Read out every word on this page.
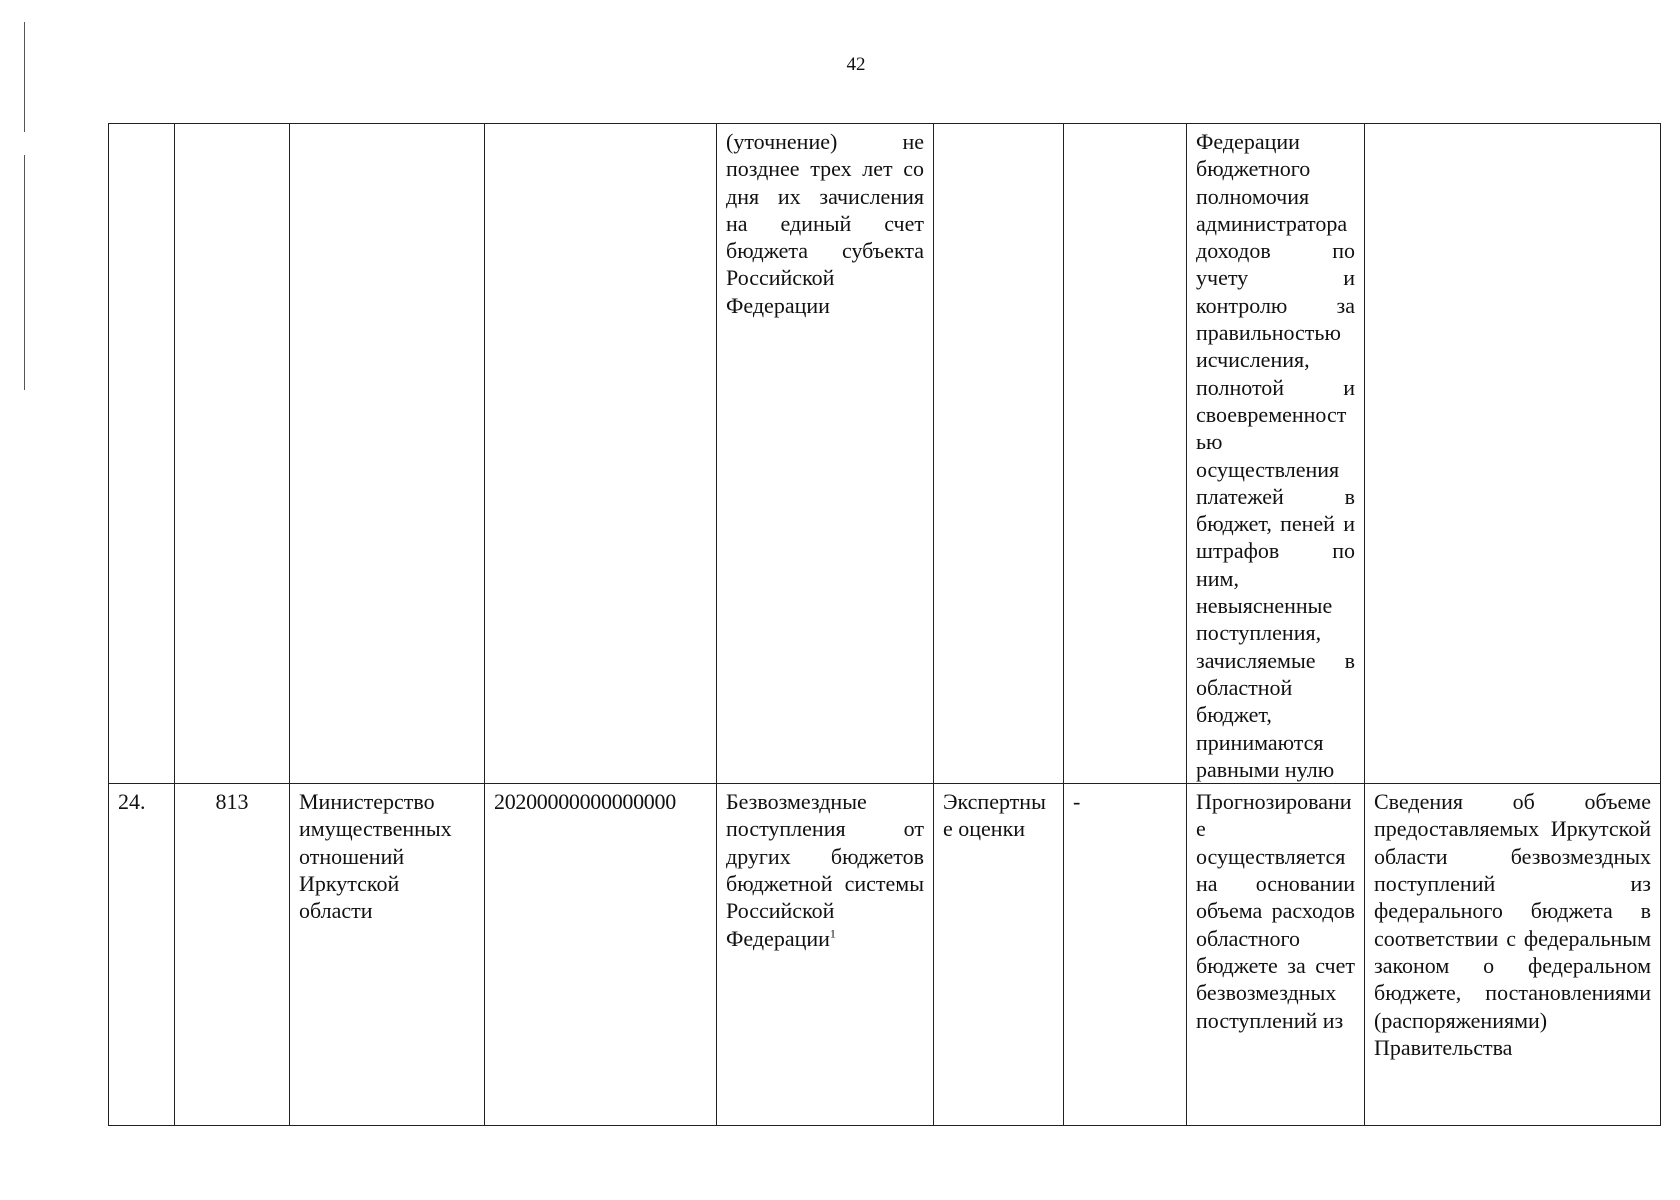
42
				(уточнение) не позднее трех лет со дня их зачисления на единый счет бюджета субъекта Российской Федерации			Федерации бюджетного полномочия администратора доходов по учету и контролю за правильностью исчисления, полнотой и своевременностью осуществления платежей в бюджет, пеней и штрафов по ним, невыясненные поступления, зачисляемые в областной бюджет, принимаются равными нулю	
24.	813	Министерство имущественных отношений Иркутской области	20200000000000000	Безвозмездные поступления от других бюджетов бюджетной системы Российской Федерации$^1$	Экспертные оценки	-	Прогнозирование осуществляется на основании объема расходов областного бюджете за счет безвозмездных поступлений из	Сведения об объеме предоставляемых Иркутской области безвозмездных поступлений из федерального бюджета в соответствии с федеральным законом о федеральном бюджете, постановлениями (распоряжениями) Правительства
